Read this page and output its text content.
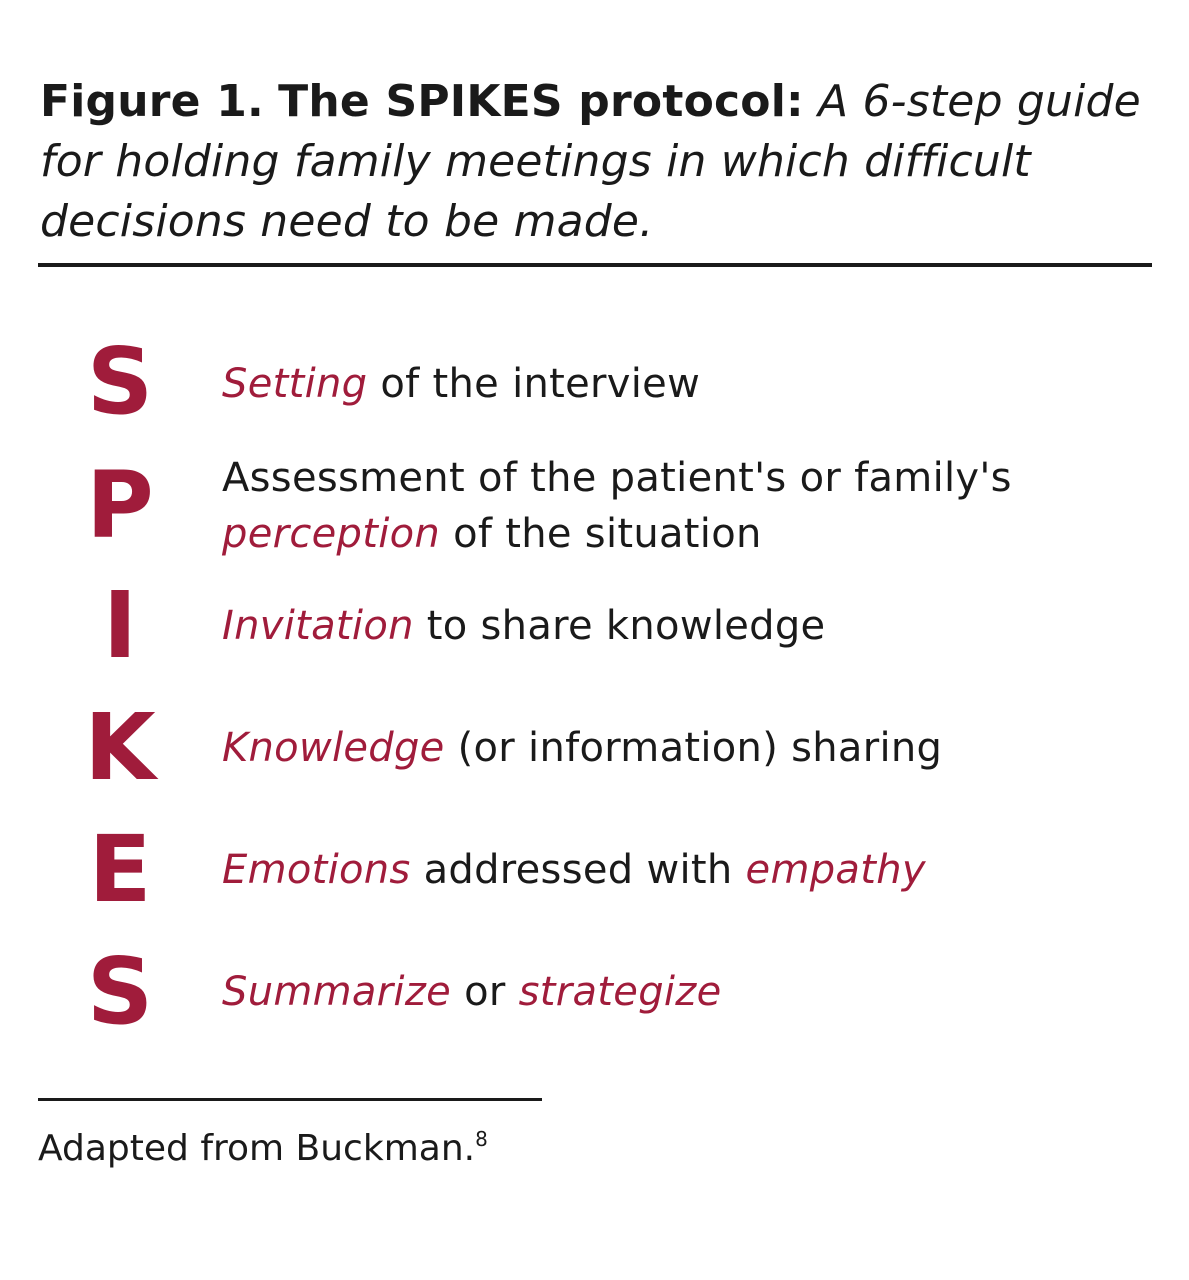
Figure 1. The SPIKES protocol: A 6-step guide for holding family meetings in which difficult decisions need to be made.
S Setting of the interview
P Assessment of the patient's or family's
perception of the situation
I	Invitation to share knowledge
K Knowledge (or information) sharing
E Emotions addressed with empathy
S Summarize or strategize
Adapted from Buckman.$^8$
